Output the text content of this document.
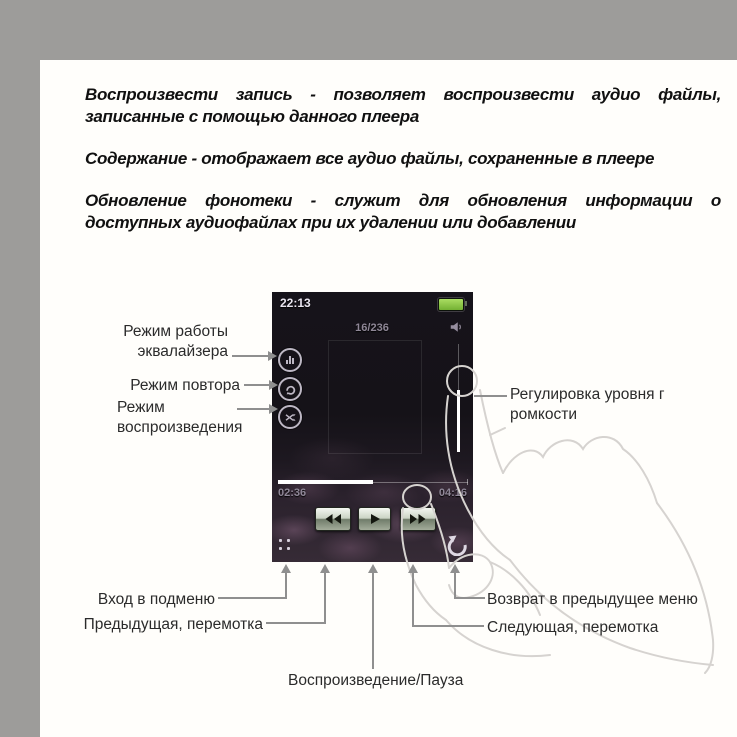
Воспроизвести запись - позволяет воспроизвести аудио файлы, записанные с помощью данного плеера

Содержание - отображает все аудио файлы, сохраненные в плеере

Обновление фонотеки - служит для обновления информации о доступных аудиофайлах при их удалении или добавлении

22:13
16/236
02:36	04:16
Режим работы
эквалайзера
Режим повтора
Режим
воспроизведения
Регулировка уровня г
ромкости
Вход в подменю
Предыдущая, перемотка
Воспроизведение/Пауза
Следующая, перемотка
Возврат в предыдущее меню
